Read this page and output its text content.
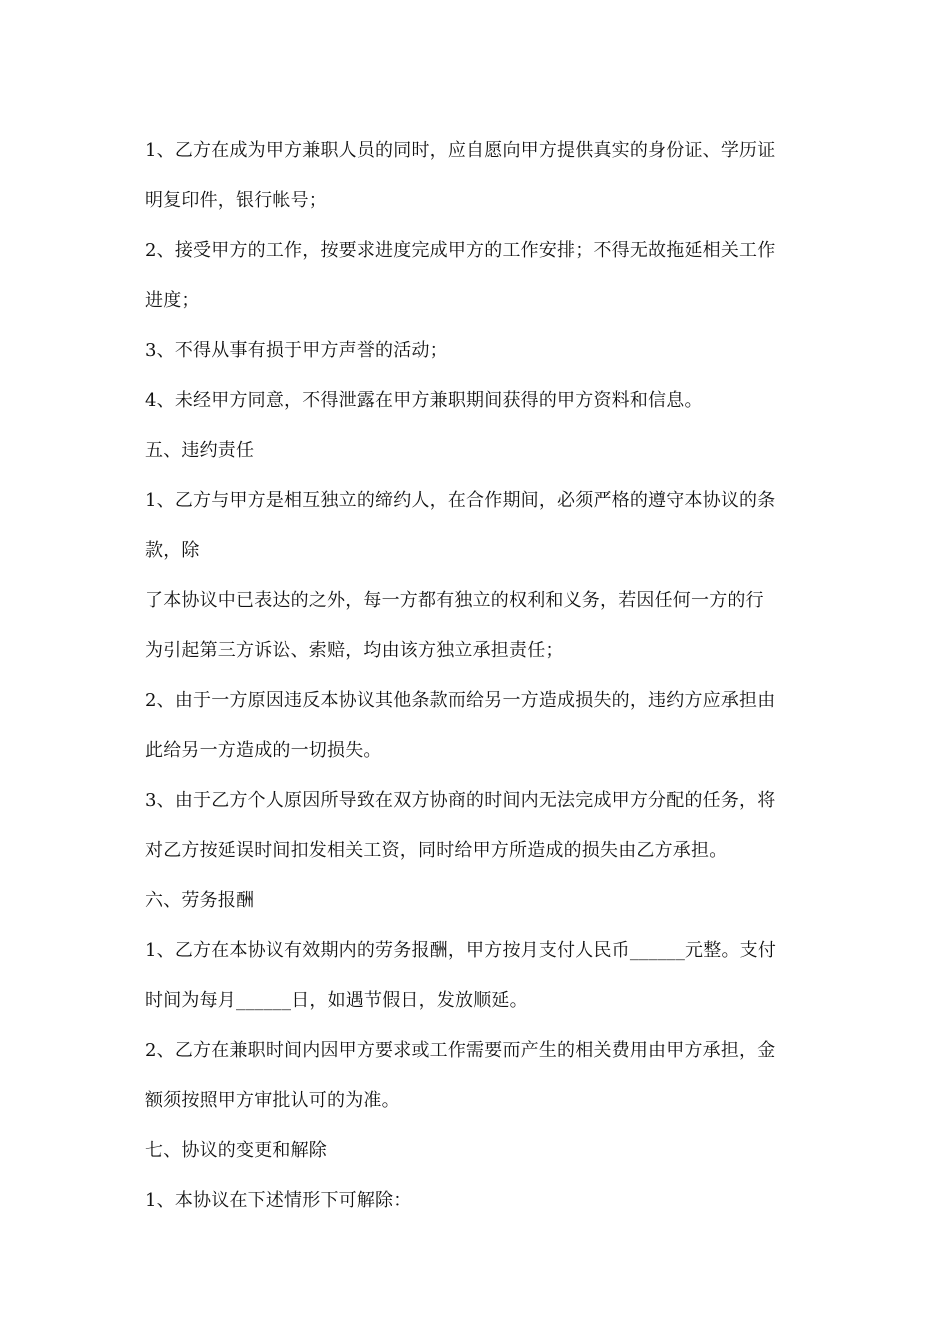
1、乙方在成为甲方兼职人员的同时，应自愿向甲方提供真实的身份证、学历证
明复印件，银行帐号；
2、接受甲方的工作，按要求进度完成甲方的工作安排；不得无故拖延相关工作
进度；
3、不得从事有损于甲方声誉的活动；
4、未经甲方同意，不得泄露在甲方兼职期间获得的甲方资料和信息。
五、违约责任
1、乙方与甲方是相互独立的缔约人，在合作期间，必须严格的遵守本协议的条
款，除
了本协议中已表达的之外，每一方都有独立的权利和义务，若因任何一方的行
为引起第三方诉讼、索赔，均由该方独立承担责任；
2、由于一方原因违反本协议其他条款而给另一方造成损失的，违约方应承担由
此给另一方造成的一切损失。
3、由于乙方个人原因所导致在双方协商的时间内无法完成甲方分配的任务，将
对乙方按延误时间扣发相关工资，同时给甲方所造成的损失由乙方承担。
六、劳务报酬
1、乙方在本协议有效期内的劳务报酬，甲方按月支付人民币______元整。支付
时间为每月______日，如遇节假日，发放顺延。
2、乙方在兼职时间内因甲方要求或工作需要而产生的相关费用由甲方承担，金
额须按照甲方审批认可的为准。
七、协议的变更和解除
1、本协议在下述情形下可解除：
